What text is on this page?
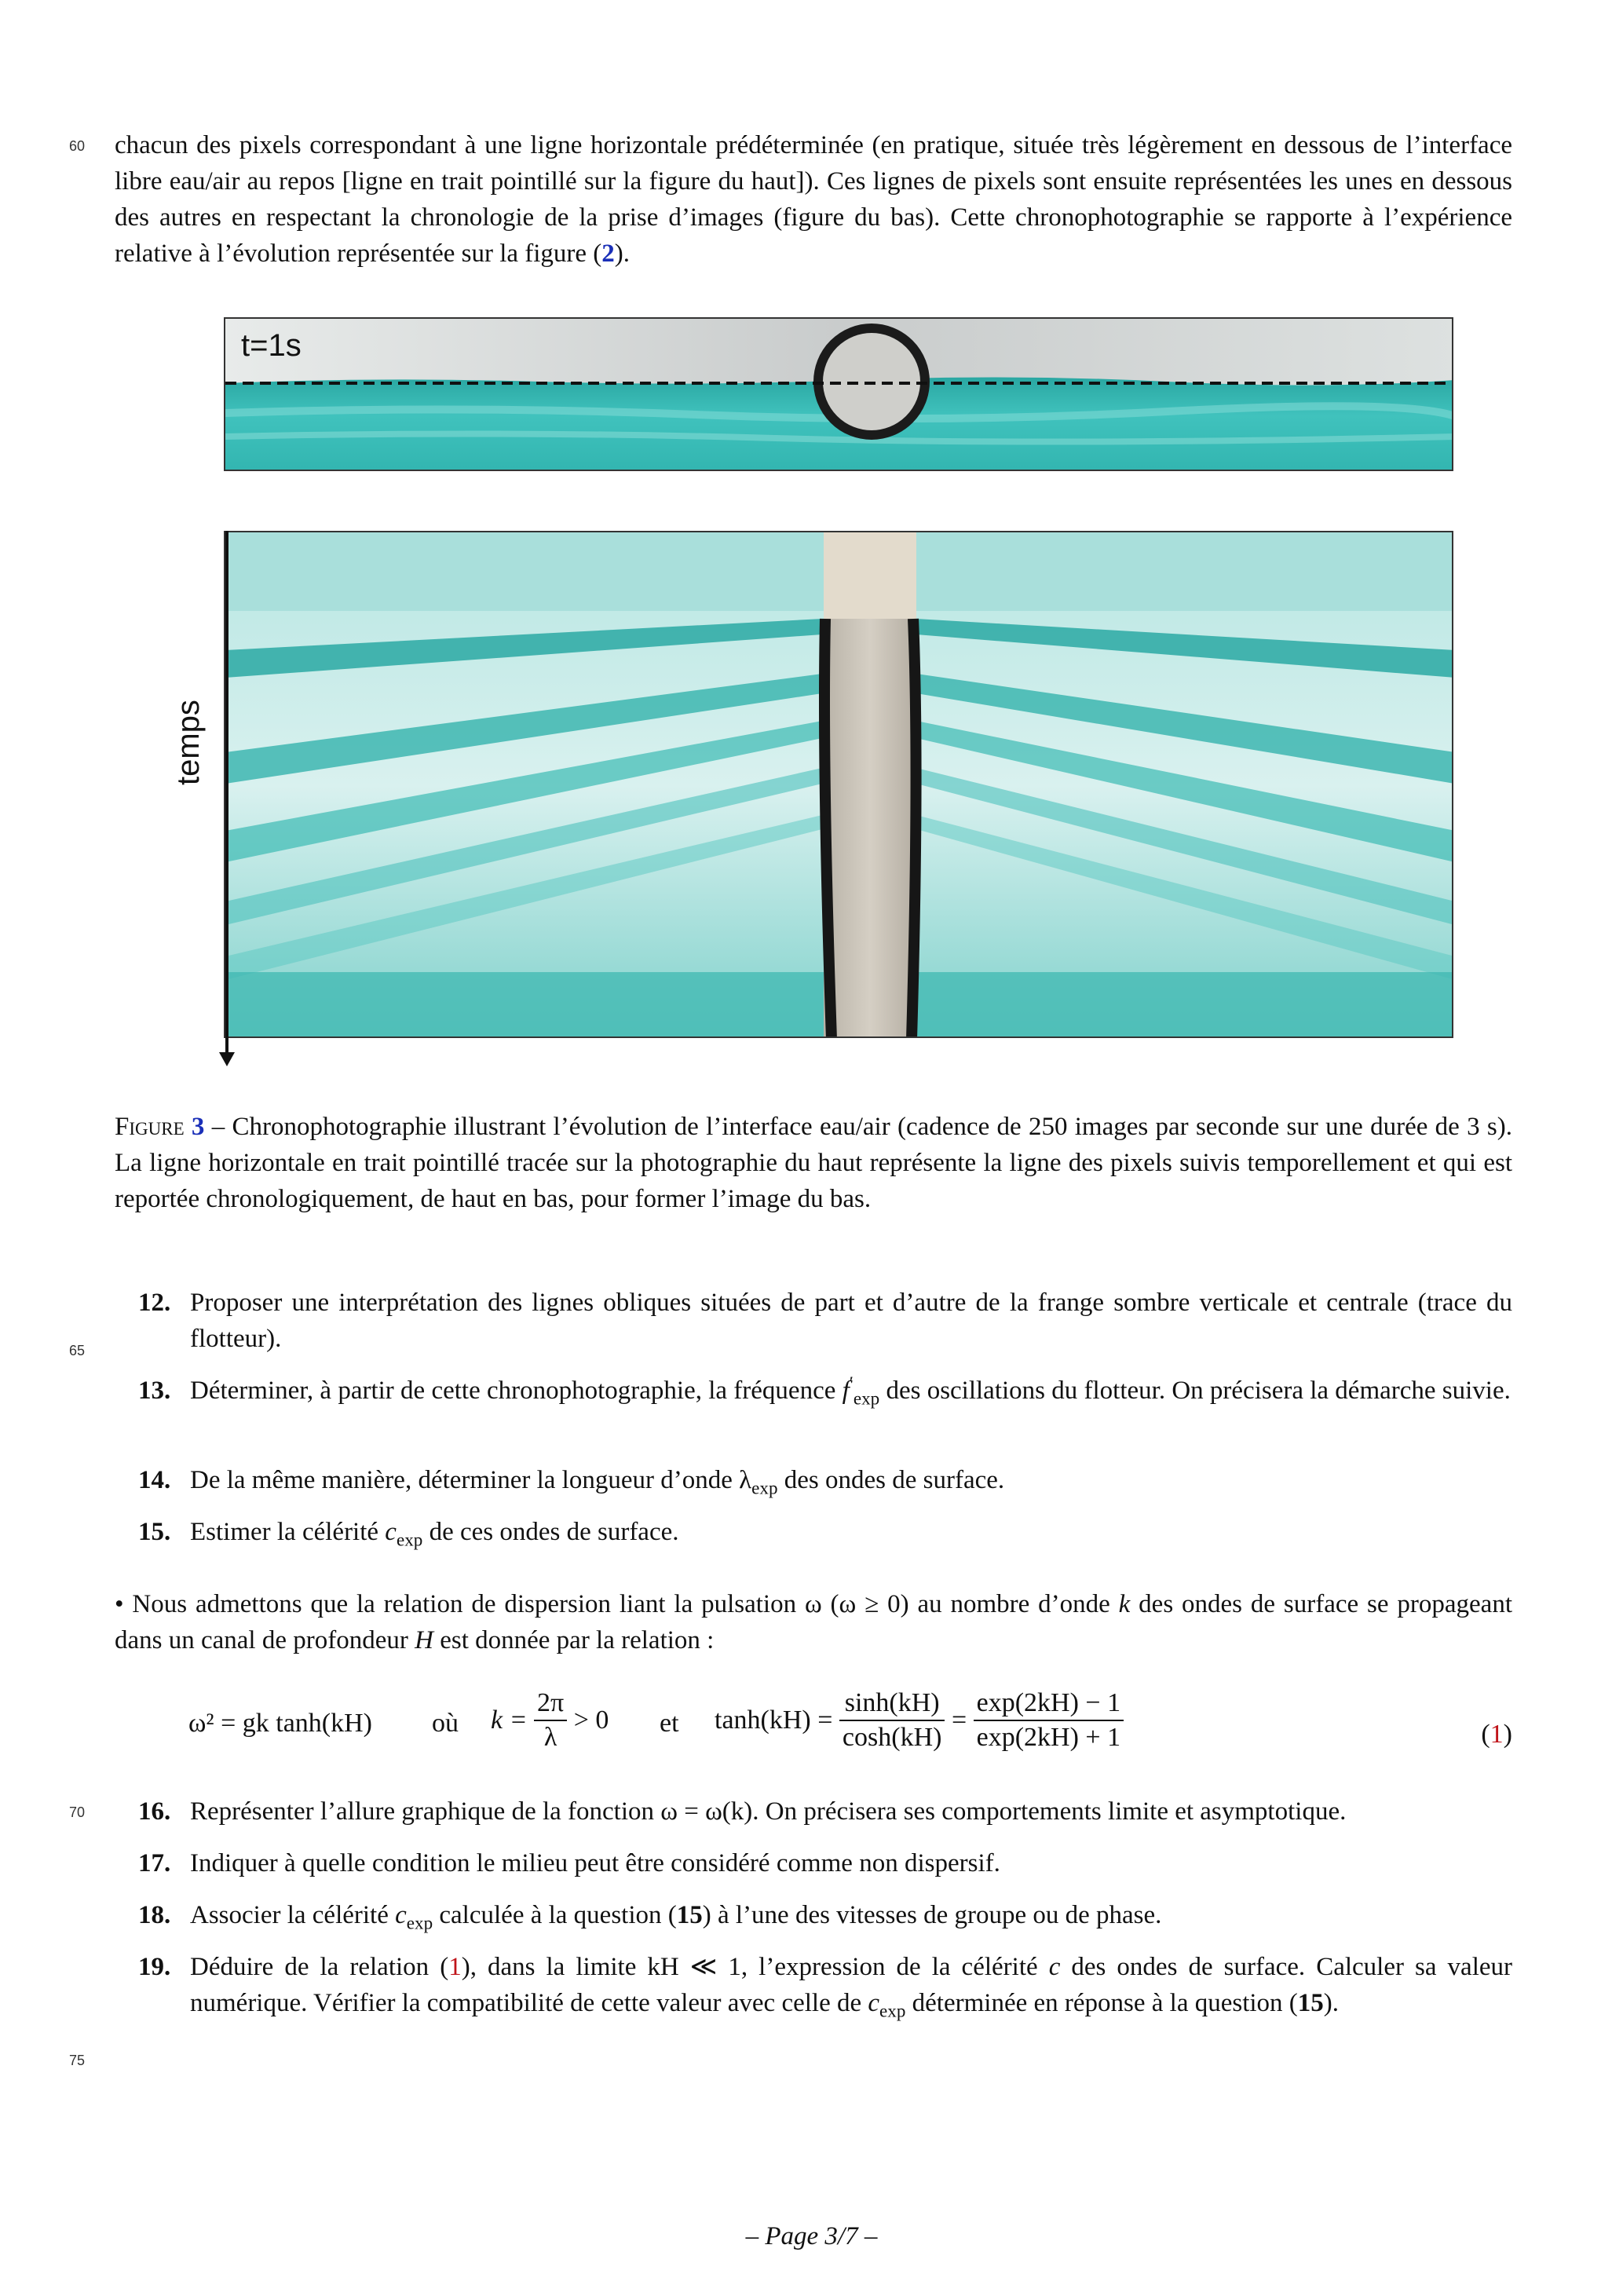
60
65
70
75
chacun des pixels correspondant à une ligne horizontale prédéterminée (en pratique, située très légèrement en dessous de l’interface libre eau/air au repos [ligne en trait pointillé sur la figure du haut]). Ces lignes de pixels sont ensuite représentées les unes en dessous des autres en respectant la chronologie de la prise d’images (figure du bas). Cette chronophotographie se rapporte à l’expérience relative à l’évolution représentée sur la figure (2).
t=1s
temps
Figure 3 – Chronophotographie illustrant l’évolution de l’interface eau/air (cadence de 250 images par seconde sur une durée de 3 s). La ligne horizontale en trait pointillé tracée sur la photographie du haut représente la ligne des pixels suivis temporellement et qui est reportée chronologiquement, de haut en bas, pour former l’image du bas.
12. Proposer une interprétation des lignes obliques situées de part et d’autre de la frange sombre verticale et centrale (trace du flotteur).
13. Déterminer, à partir de cette chronophotographie, la fréquence $f'_{exp}$ des oscillations du flotteur. On précisera la démarche suivie.
14. De la même manière, déterminer la longueur d’onde $\lambda_{exp}$ des ondes de surface.
15. Estimer la célérité $c_{exp}$ de ces ondes de surface.
• Nous admettons que la relation de dispersion liant la pulsation ω (ω ≥ 0) au nombre d’onde k des ondes de surface se propageant dans un canal de profondeur H est donnée par la relation :
ω² = gk tanh(kH) où $k = \frac{2\pi}{\lambda} > 0$ et $\tanh(kH) = \frac{\sinh(kH)}{\cosh(kH)} = \frac{\exp(2kH) - 1}{\exp(2kH) + 1}$	(1)
16. Représenter l’allure graphique de la fonction ω = ω(k). On précisera ses comportements limite et asymptotique.
17. Indiquer à quelle condition le milieu peut être considéré comme non dispersif.
18. Associer la célérité $c_{exp}$ calculée à la question (15) à l’une des vitesses de groupe ou de phase.
19. Déduire de la relation (1), dans la limite kH ≪ 1, l’expression de la célérité c des ondes de surface. Calculer sa valeur numérique. Vérifier la compatibilité de cette valeur avec celle de $c_{exp}$ déterminée en réponse à la question (15).
– Page 3/7 –
